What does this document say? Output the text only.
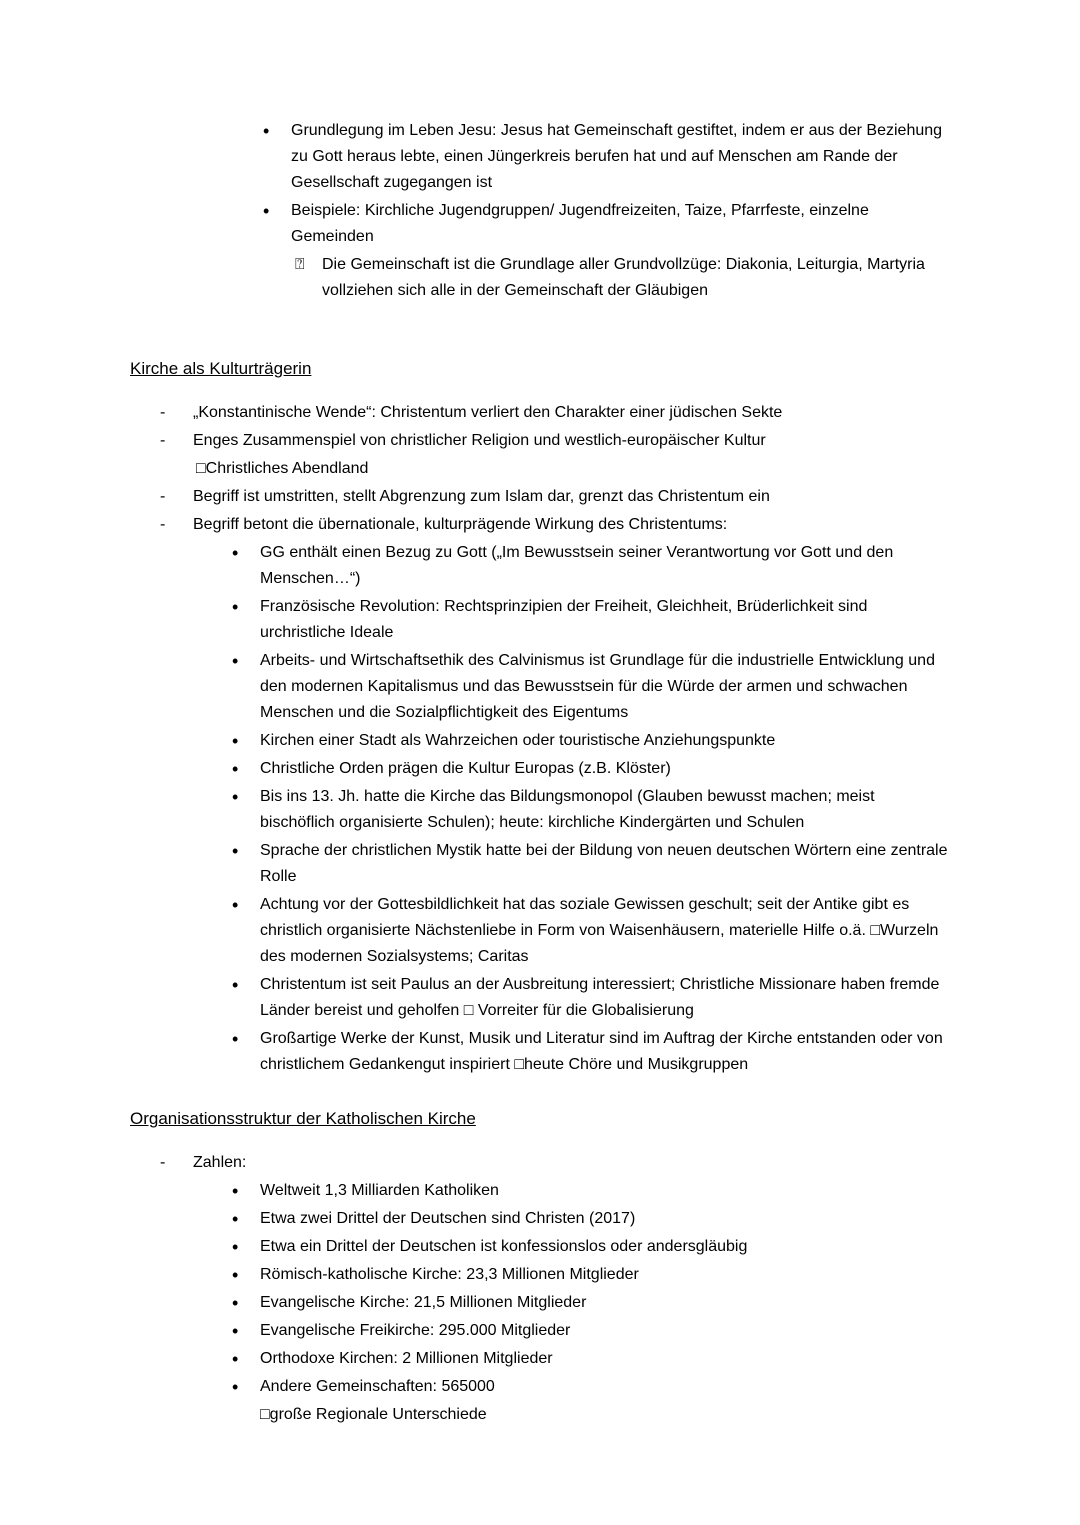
• Grundlegung im Leben Jesu: Jesus hat Gemeinschaft gestiftet, indem er aus der Beziehung zu Gott heraus lebte, einen Jüngerkreis berufen hat und auf Menschen am Rande der Gesellschaft zugegangen ist
• Beispiele: Kirchliche Jugendgruppen/ Jugendfreizeiten, Taize, Pfarrfeste, einzelne Gemeinden
⍰ Die Gemeinschaft ist die Grundlage aller Grundvollzüge: Diakonia, Leiturgia, Martyria vollziehen sich alle in der Gemeinschaft der Gläubigen
Kirche als Kulturträgerin
- „Konstantinische Wende“: Christentum verliert den Charakter einer jüdischen Sekte
- Enges Zusammenspiel von christlicher Religion und westlich-europäischer Kultur
□Christliches Abendland
- Begriff ist umstritten, stellt Abgrenzung zum Islam dar, grenzt das Christentum ein
- Begriff betont die übernationale, kulturprägende Wirkung des Christentums:
• GG enthält einen Bezug zu Gott („Im Bewusstsein seiner Verantwortung vor Gott und den Menschen…“)
• Französische Revolution: Rechtsprinzipien der Freiheit, Gleichheit, Brüderlichkeit sind urchristliche Ideale
• Arbeits- und Wirtschaftsethik des Calvinismus ist Grundlage für die industrielle Entwicklung und den modernen Kapitalismus und das Bewusstsein für die Würde der armen und schwachen Menschen und die Sozialpflichtigkeit des Eigentums
• Kirchen einer Stadt als Wahrzeichen oder touristische Anziehungspunkte
• Christliche Orden prägen die Kultur Europas (z.B. Klöster)
• Bis ins 13. Jh. hatte die Kirche das Bildungsmonopol (Glauben bewusst machen; meist bischöflich organisierte Schulen); heute: kirchliche Kindergärten und Schulen
• Sprache der christlichen Mystik hatte bei der Bildung von neuen deutschen Wörtern eine zentrale Rolle
• Achtung vor der Gottesbildlichkeit hat das soziale Gewissen geschult; seit der Antike gibt es christlich organisierte Nächstenliebe in Form von Waisenhäusern, materielle Hilfe o.ä. □Wurzeln des modernen Sozialsystems; Caritas
• Christentum ist seit Paulus an der Ausbreitung interessiert; Christliche Missionare haben fremde Länder bereist und geholfen □ Vorreiter für die Globalisierung
• Großartige Werke der Kunst, Musik und Literatur sind im Auftrag der Kirche entstanden oder von christlichem Gedankengut inspiriert □heute Chöre und Musikgruppen
Organisationsstruktur der Katholischen Kirche
- Zahlen:
• Weltweit 1,3 Milliarden Katholiken
• Etwa zwei Drittel der Deutschen sind Christen (2017)
• Etwa ein Drittel der Deutschen ist konfessionslos oder andersgläubig
• Römisch-katholische Kirche: 23,3 Millionen Mitglieder
• Evangelische Kirche: 21,5 Millionen Mitglieder
• Evangelische Freikirche: 295.000 Mitglieder
• Orthodoxe Kirchen: 2 Millionen Mitglieder
• Andere Gemeinschaften: 565000
□große Regionale Unterschiede
